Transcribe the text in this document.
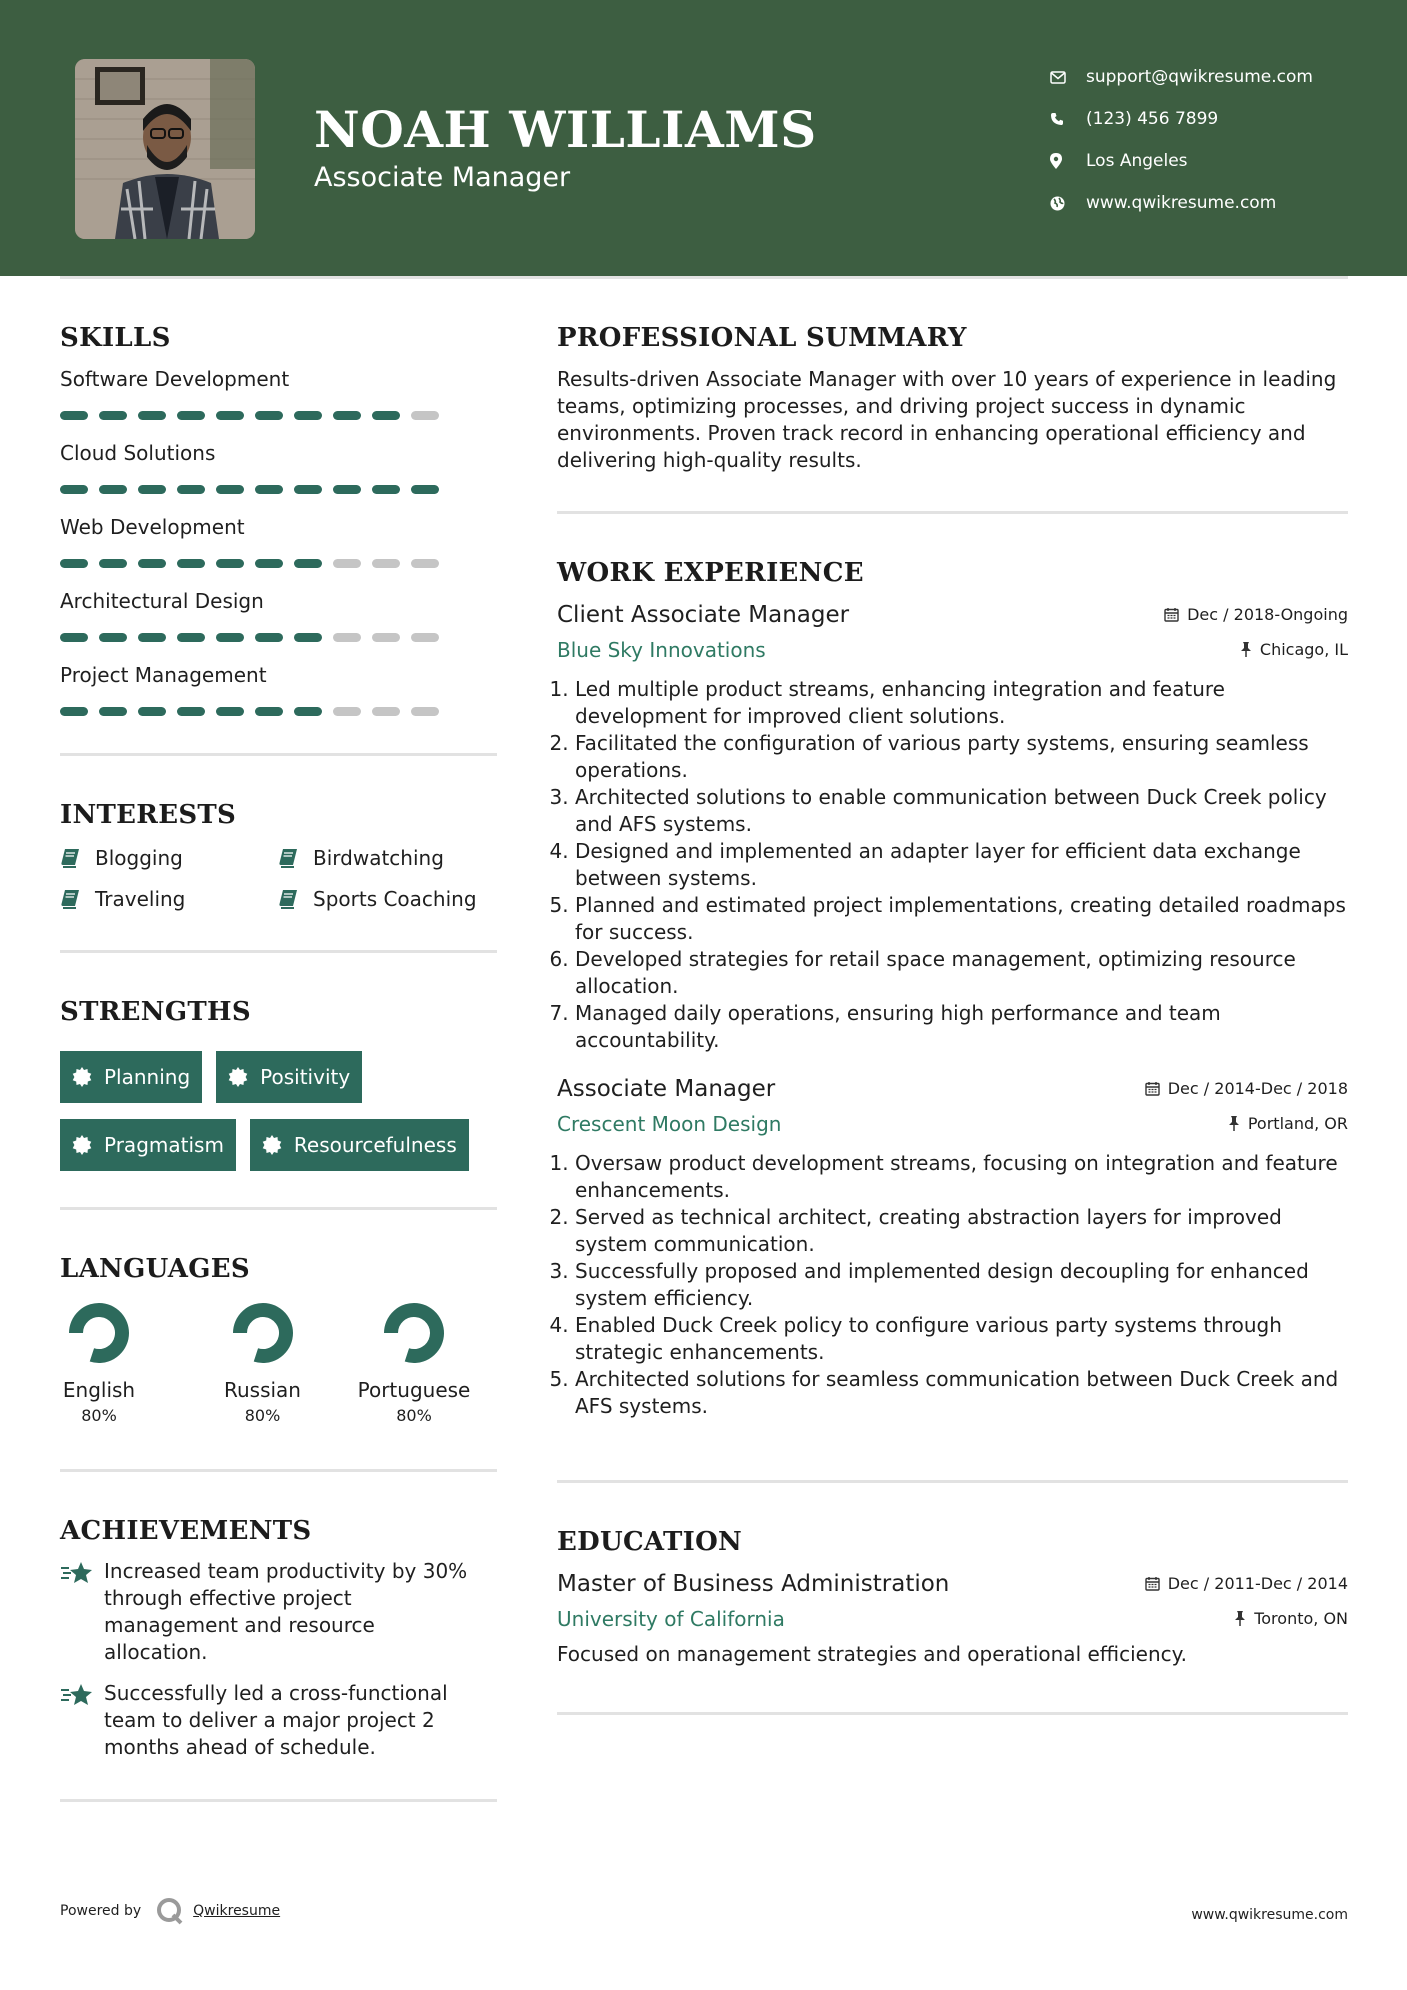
NOAH WILLIAMS
Associate Manager
support@qwikresume.com
(123) 456 7899
Los Angeles
www.qwikresume.com
SKILLS
Software Development
Cloud Solutions
Web Development
Architectural Design
Project Management
INTERESTS
Blogging	Birdwatching
Traveling	Sports Coaching
STRENGTHS
Planning	Positivity
Pragmatism	Resourcefulness
LANGUAGES
English
80%
Russian
80%
Portuguese
80%
ACHIEVEMENTS
Increased team productivity by 30% through effective project management and resource allocation.
Successfully led a cross-functional team to deliver a major project 2 months ahead of schedule.
PROFESSIONAL SUMMARY
Results-driven Associate Manager with over 10 years of experience in leading teams, optimizing processes, and driving project success in dynamic environments. Proven track record in enhancing operational efficiency and delivering high-quality results.
WORK EXPERIENCE
Client Associate Manager	Dec / 2018-Ongoing
Blue Sky Innovations	Chicago, IL
1. Led multiple product streams, enhancing integration and feature development for improved client solutions.
2. Facilitated the configuration of various party systems, ensuring seamless operations.
3. Architected solutions to enable communication between Duck Creek policy and AFS systems.
4. Designed and implemented an adapter layer for efficient data exchange between systems.
5. Planned and estimated project implementations, creating detailed roadmaps for success.
6. Developed strategies for retail space management, optimizing resource allocation.
7. Managed daily operations, ensuring high performance and team accountability.
Associate Manager	Dec / 2014-Dec / 2018
Crescent Moon Design	Portland, OR
1. Oversaw product development streams, focusing on integration and feature enhancements.
2. Served as technical architect, creating abstraction layers for improved system communication.
3. Successfully proposed and implemented design decoupling for enhanced system efficiency.
4. Enabled Duck Creek policy to configure various party systems through strategic enhancements.
5. Architected solutions for seamless communication between Duck Creek and AFS systems.
EDUCATION
Master of Business Administration	Dec / 2011-Dec / 2014
University of California	Toronto, ON
Focused on management strategies and operational efficiency.
Powered by	Qwikresume	www.qwikresume.com
